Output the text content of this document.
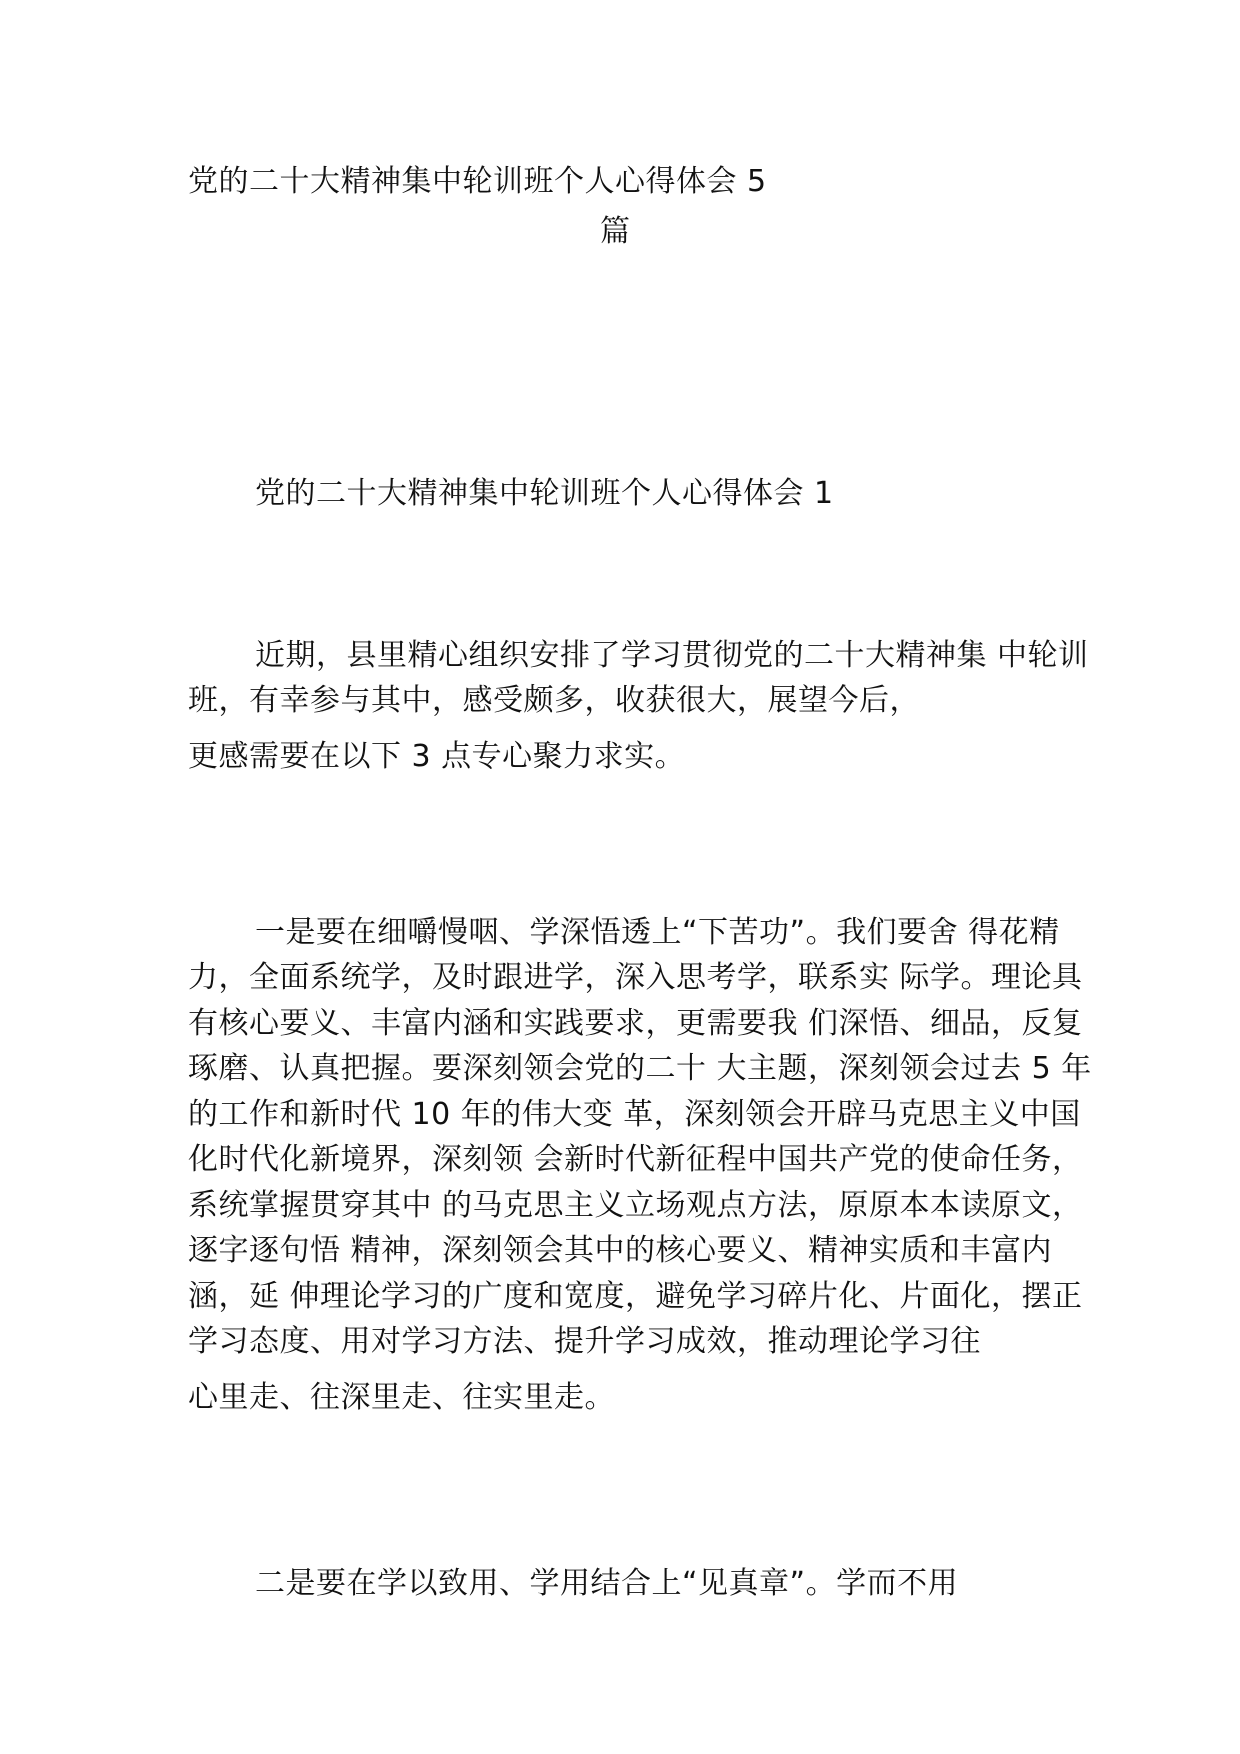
党的二十大精神集中轮训班个人心得体会 5
篇
党的二十大精神集中轮训班个人心得体会 1
近期，县里精心组织安排了学习贯彻党的二十大精神集 中轮训
班，有幸参与其中，感受颇多，收获很大，展望今后，
更感需要在以下 3 点专心聚力求实。
一是要在细嚼慢咽、学深悟透上“下苦功”。我们要舍 得花精
力，全面系统学，及时跟进学，深入思考学，联系实 际学。理论具
有核心要义、丰富内涵和实践要求，更需要我 们深悟、细品，反复
琢磨、认真把握。要深刻领会党的二十 大主题，深刻领会过去 5 年
的工作和新时代 10 年的伟大变 革，深刻领会开辟马克思主义中国
化时代化新境界，深刻领 会新时代新征程中国共产党的使命任务，
系统掌握贯穿其中 的马克思主义立场观点方法，原原本本读原文，
逐字逐句悟 精神，深刻领会其中的核心要义、精神实质和丰富内
涵，延 伸理论学习的广度和宽度，避免学习碎片化、片面化，摆正
学习态度、用对学习方法、提升学习成效，推动理论学习往
心里走、往深里走、往实里走。
二是要在学以致用、学用结合上“见真章”。学而不用
